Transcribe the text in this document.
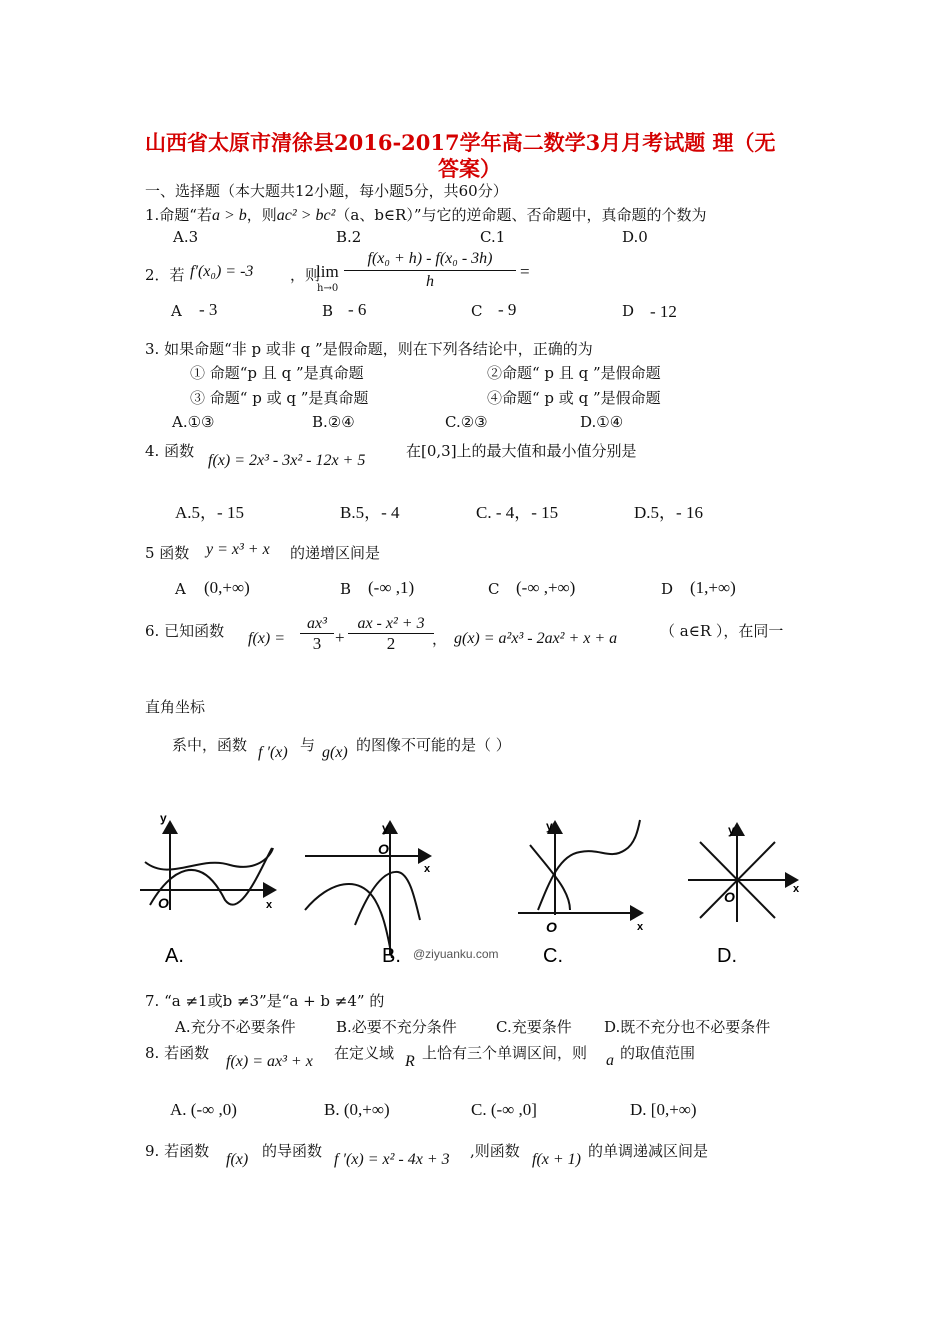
山西省太原市清徐县2016-2017学年高二数学3月月考试题 理（无
答案）
一、选择题（本大题共12小题，每小题5分，共60分）
1.命题“若a > b，则ac² > bc²（a、b∈R）”与它的逆命题、否命题中，真命题的个数为
A.3	B.2	C.1	D.0
2．若 f′(x₀) = -3 ，则
lim
$h\to 0 \frac{\text{f(x₀ + h) - f(x₀ - 3h)}}{h}$ =
A - 3	B - 6	C - 9	D - 12
3. 如果命题“非 p 或非 q ”是假命题，则在下列各结论中，正确的为
① 命题“p 且 q ”是真命题	②命题“ p 且 q ”是假命题
③ 命题“ p 或 q ”是真命题	④命题“ p 或 q ”是假命题
A.①③	B.②④	C.②③	D.①④
4. 函数
f(x) = 2x³ - 3x² - 12x + 5
在[0,3]上的最大值和最小值分别是
A.5，- 15	B.5，- 4	C. - 4，- 15	D.5，- 16
5 函数 y = x³ + x 的递增区间是
A (0,+∞)	B (-∞ ,1)	C (-∞ ,+∞)	D (1,+∞)
6. 已知函数 $f(x) = \frac{\text{ax³}}{3} + \frac{\text{ax - x² + 3}}{2}$
， g(x) = a²x³ - 2ax² + x + a	（ a∈R ），在同一
直角坐标
系中，函数 f ′(x) 与 g(x) 的图像不可能的是（ ）
y
x
O
A.
y
x
O
B. @ziyuanku.com
y
x
O
C.
y
x
O
D.
7. “a ≠1或b ≠3”是“a + b ≠4” 的
A.充分不必要条件	B.必要不充分条件	C.充要条件 D.既不充分也不必要条件
8. 若函数 f(x) = ax³ + x 在定义域 R 上恰有三个单调区间，则 a 的取值范围
A. (-∞ ,0)	B. (0,+∞)	C. (-∞ ,0]	D. [0,+∞)
9. 若函数 f(x) 的导函数 f ′(x) = x² - 4x + 3 ,则函数 f(x + 1) 的单调递减区间是
